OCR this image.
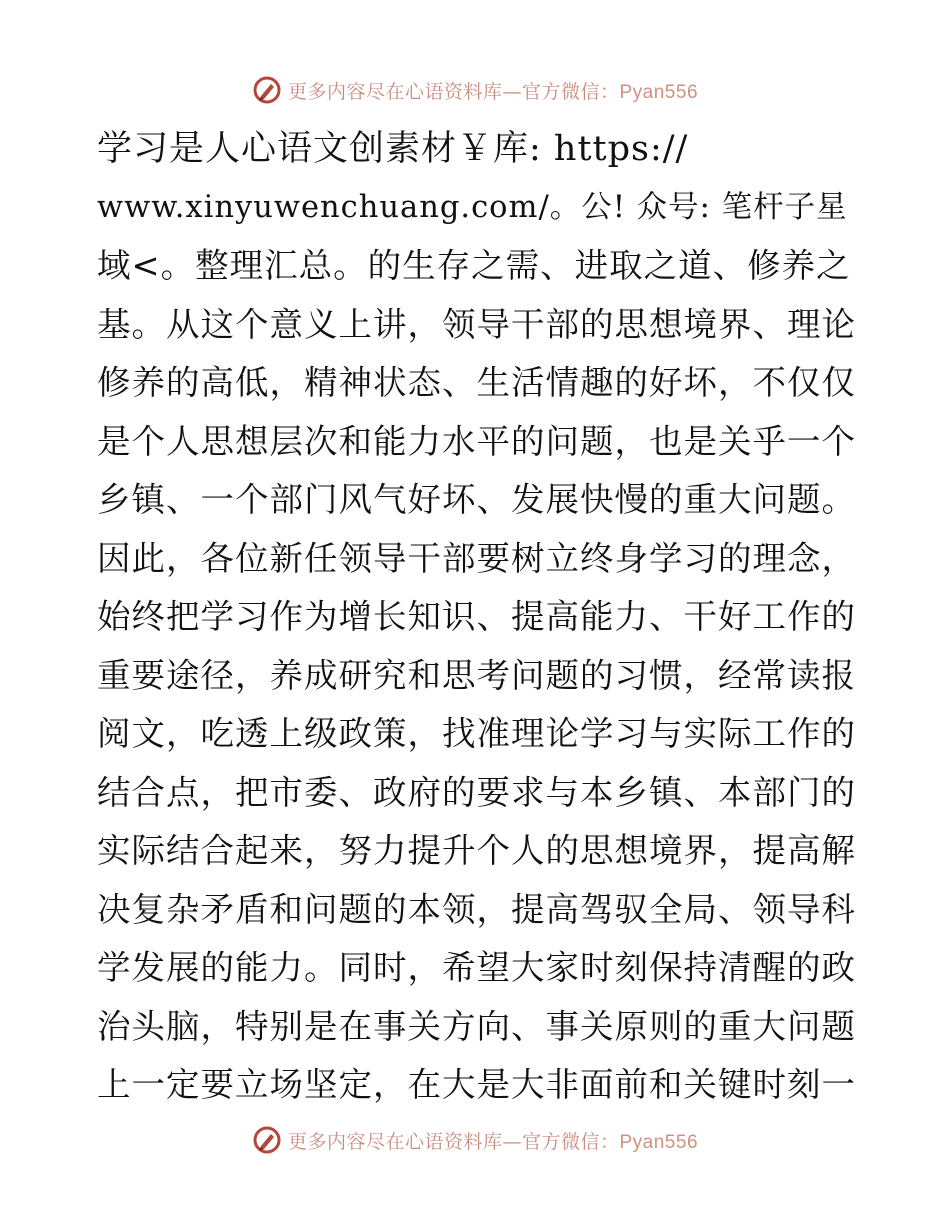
更多内容尽在心语资料库—官方微信：Pyan556
学习是人心语文创素材￥库: https://
www.xinyuwenchuang.com/。公! 众号: 笔杆子星
域<。整理汇总。的生存之需、进取之道、修养之
基。从这个意义上讲，领导干部的思想境界、理论
修养的高低，精神状态、生活情趣的好坏，不仅仅
是个人思想层次和能力水平的问题，也是关乎一个
乡镇、一个部门风气好坏、发展快慢的重大问题。
因此，各位新任领导干部要树立终身学习的理念，
始终把学习作为增长知识、提高能力、干好工作的
重要途径，养成研究和思考问题的习惯，经常读报
阅文，吃透上级政策，找准理论学习与实际工作的
结合点，把市委、政府的要求与本乡镇、本部门的
实际结合起来，努力提升个人的思想境界，提高解
决复杂矛盾和问题的本领，提高驾驭全局、领导科
学发展的能力。同时，希望大家时刻保持清醒的政
治头脑，特别是在事关方向、事关原则的重大问题
上一定要立场坚定，在大是大非面前和关键时刻一
更多内容尽在心语资料库—官方微信：Pyan556
